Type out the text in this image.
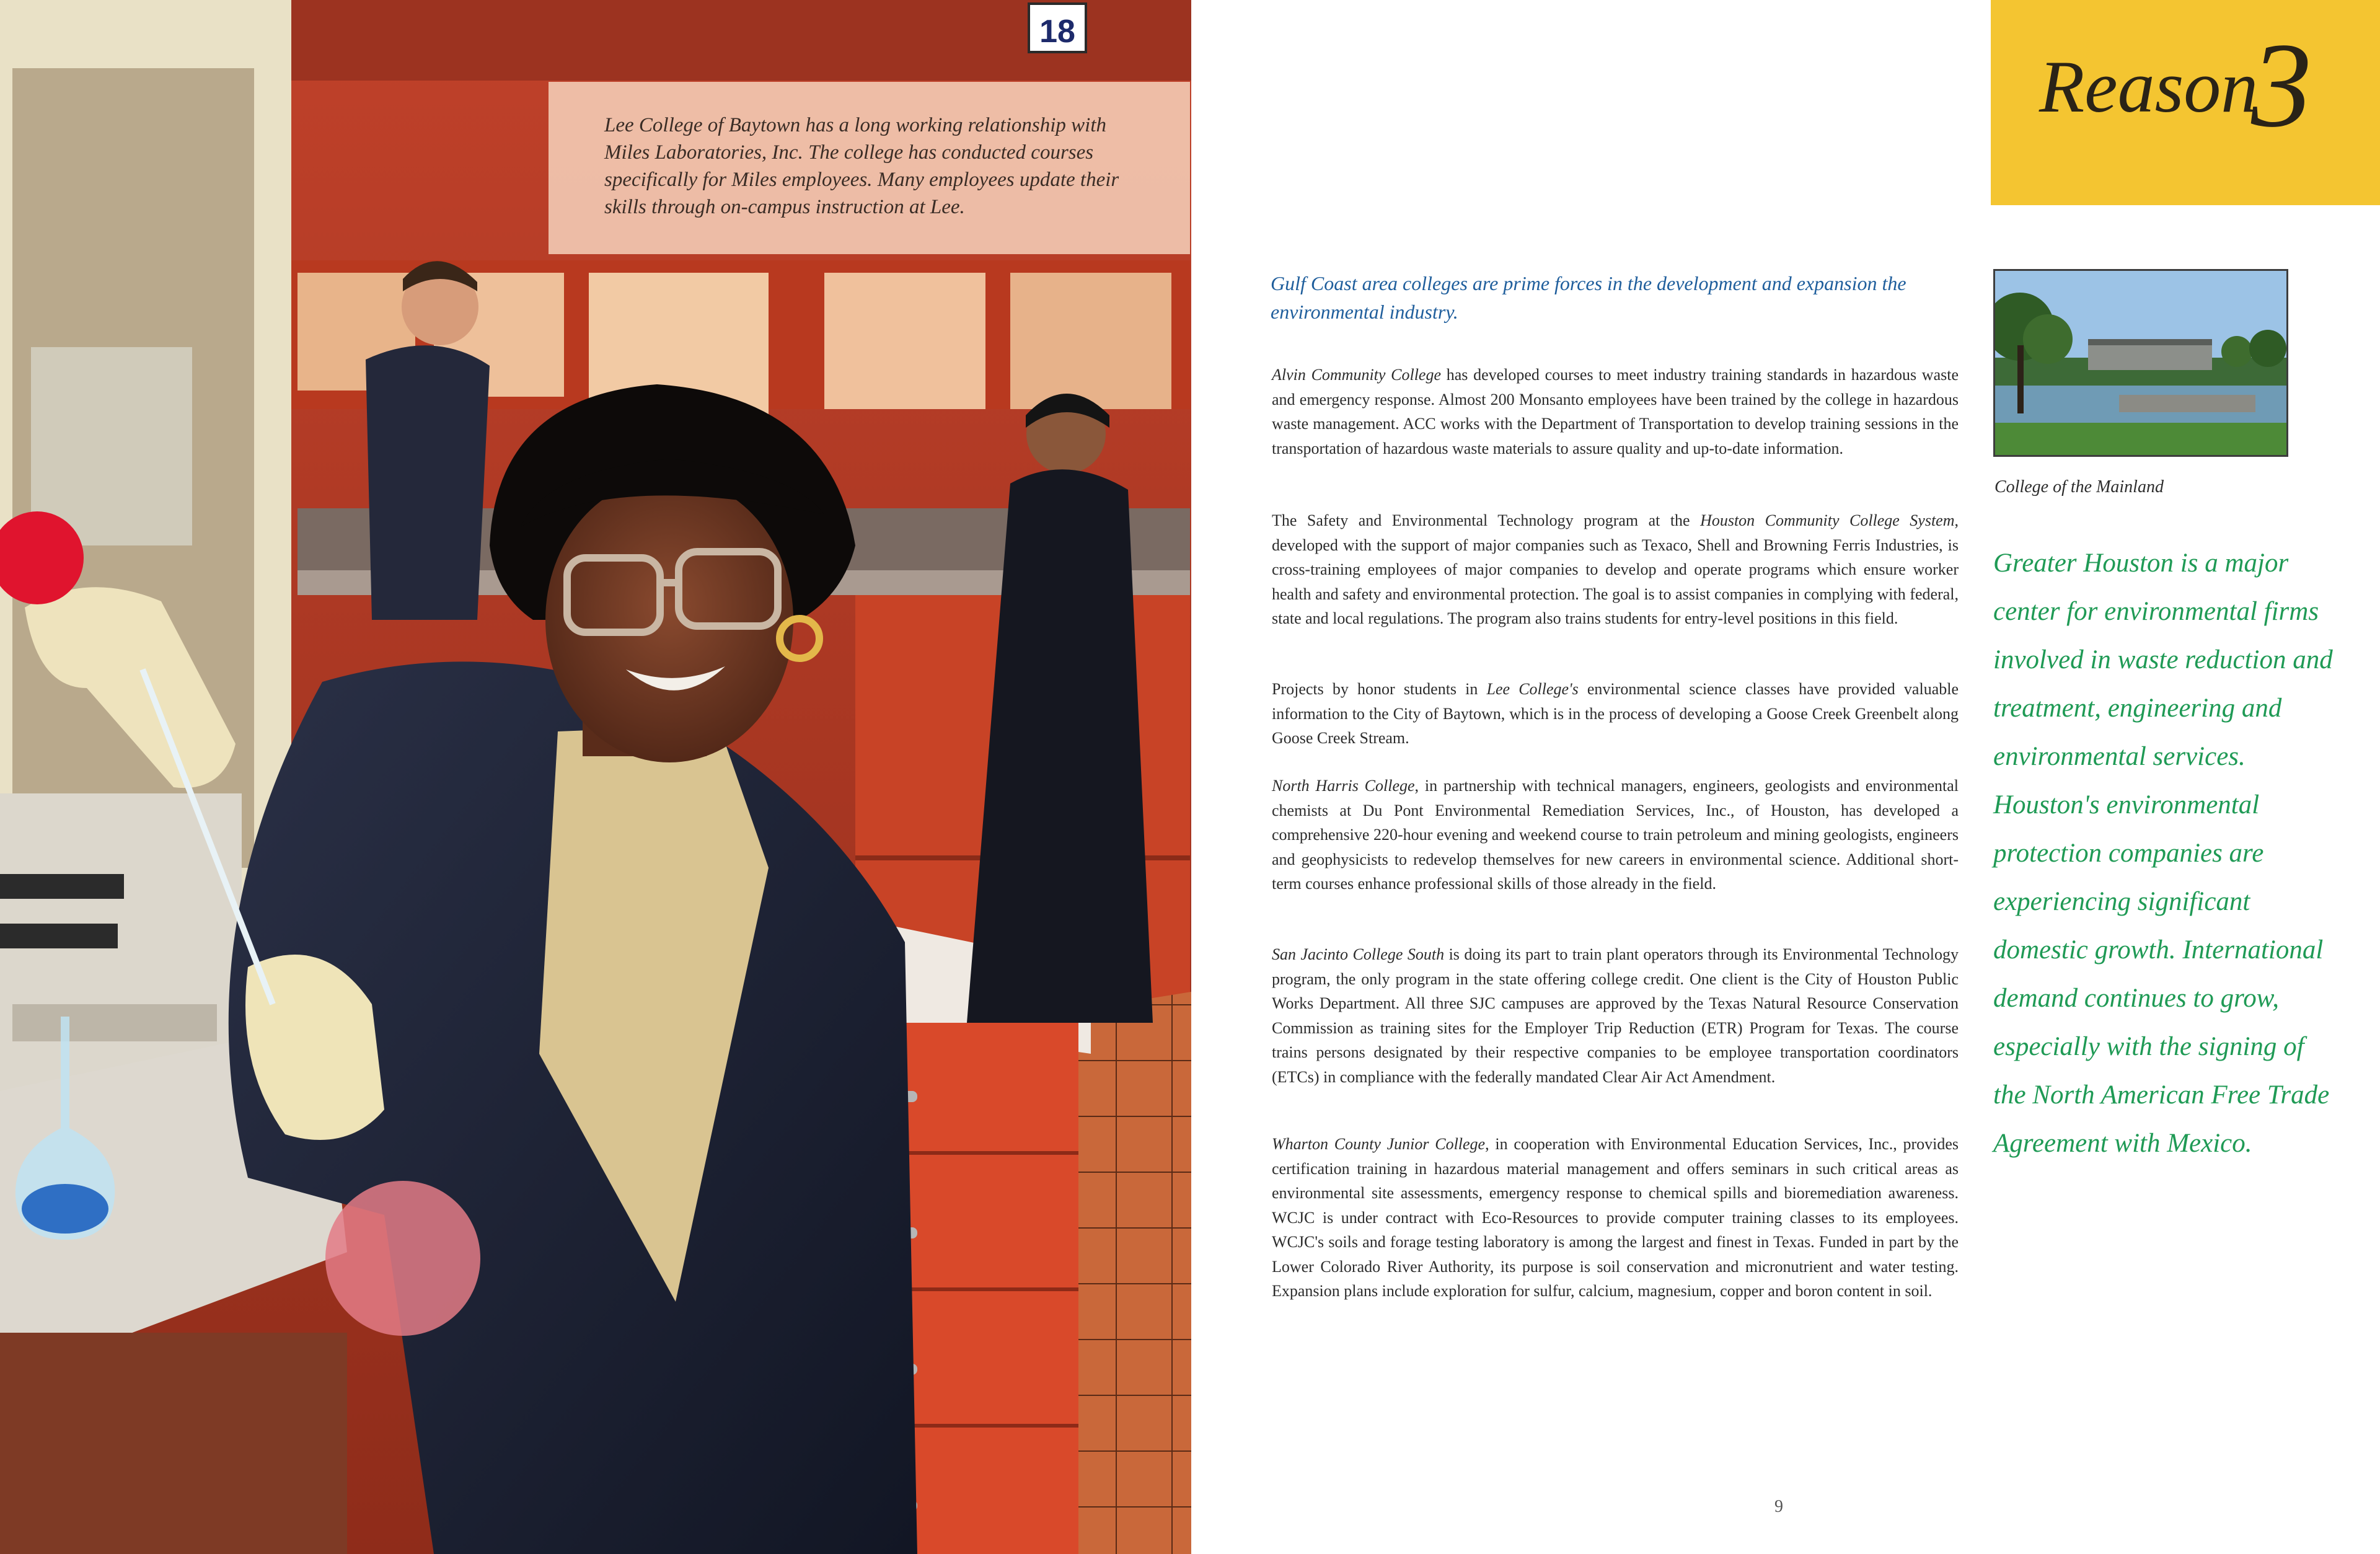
18

Lee College of Baytown has a long working relationship with Miles Laboratories, Inc. The college has conducted courses specifically for Miles employees. Many employees update their skills through on-campus instruction at Lee.

Reason
3

Gulf Coast area colleges are prime forces in the development and expansion the environmental industry.

Alvin Community College has developed courses to meet industry training standards in hazardous waste and emergency response. Almost 200 Monsanto employees have been trained by the college in hazardous waste management. ACC works with the Department of Transportation to develop training sessions in the transportation of hazardous waste materials to assure quality and up-to-date information.

The Safety and Environmental Technology program at the Houston Community College System, developed with the support of major companies such as Texaco, Shell and Browning Ferris Industries, is cross-training employees of major companies to develop and operate programs which ensure worker health and safety and environmental protection. The goal is to assist companies in complying with federal, state and local regulations. The program also trains students for entry-level positions in this field.

Projects by honor students in Lee College's environmental science classes have provided valuable information to the City of Baytown, which is in the process of developing a Goose Creek Greenbelt along Goose Creek Stream.

North Harris College, in partnership with technical managers, engineers, geologists and environmental chemists at Du Pont Environmental Remediation Services, Inc., of Houston, has developed a comprehensive 220-hour evening and weekend course to train petroleum and mining geologists, engineers and geophysicists to redevelop themselves for new careers in environmental science. Additional short-term courses enhance professional skills of those already in the field.

San Jacinto College South is doing its part to train plant operators through its Environmental Technology program, the only program in the state offering college credit. One client is the City of Houston Public Works Department. All three SJC campuses are approved by the Texas Natural Resource Conservation Commission as training sites for the Employer Trip Reduction (ETR) Program for Texas. The course trains persons designated by their respective companies to be employee transportation coordinators (ETCs) in compliance with the federally mandated Clear Air Act Amendment.

Wharton County Junior College, in cooperation with Environmental Education Services, Inc., provides certification training in hazardous material management and offers seminars in such critical areas as environmental site assessments, emergency response to chemical spills and bioremediation awareness. WCJC is under contract with Eco-Resources to provide computer training classes to its employees. WCJC's soils and forage testing laboratory is among the largest and finest in Texas. Funded in part by the Lower Colorado River Authority, its purpose is soil conservation and micronutrient and water testing. Expansion plans include exploration for sulfur, calcium, magnesium, copper and boron content in soil.

College of the Mainland

Greater Houston is a major center for environmental firms involved in waste reduction and treatment, engineering and environmental services. Houston's environmental protection companies are experiencing significant domestic growth. International demand continues to grow, especially with the signing of the North American Free Trade Agreement with Mexico.

9
